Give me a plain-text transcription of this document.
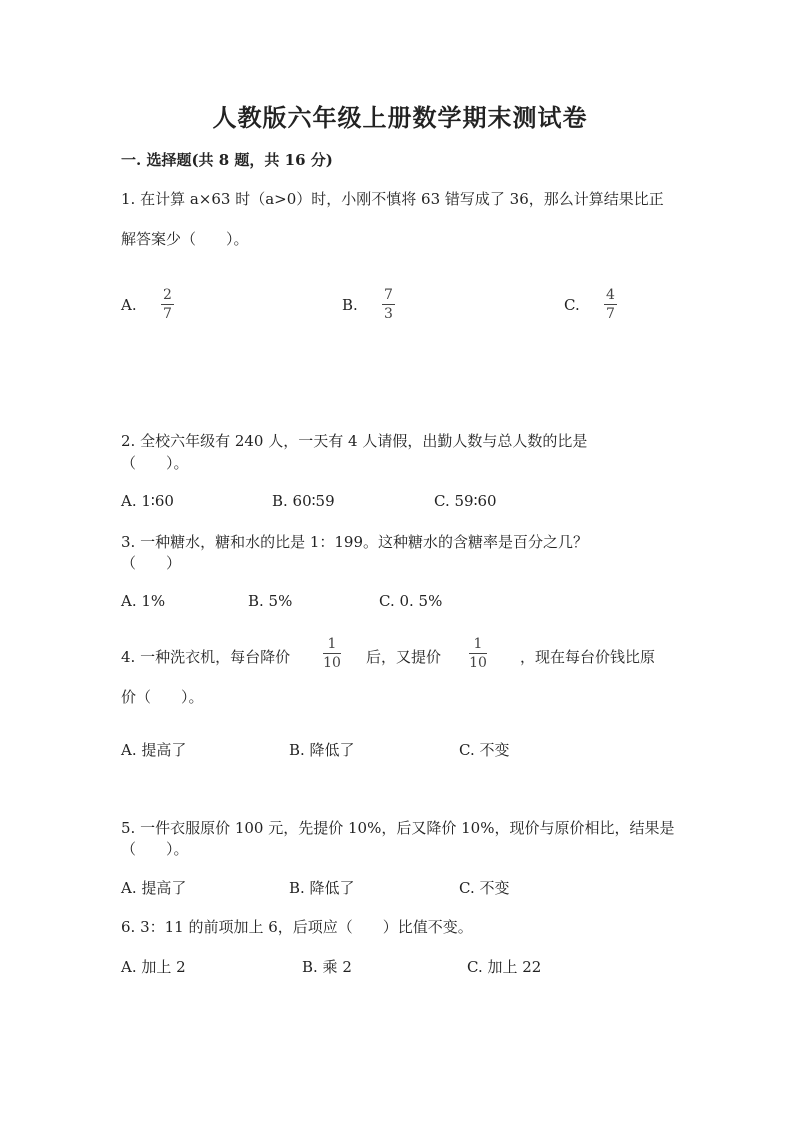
人教版六年级上册数学期末测试卷
一. 选择题(共 8 题，共 16 分)
1. 在计算 a×63 时（a>0）时，小刚不慎将 63 错写成了 36，那么计算结果比正
解答案少（　　）。
A.
2
7	B.
7
3	C.
4
7
2. 全校六年级有 240 人，一天有 4 人请假，出勤人数与总人数的比是
（　　）。
A. 1∶60	B. 60∶59	C. 59∶60
3. 一种糖水，糖和水的比是 1：199。这种糖水的含糖率是百分之几？
（　　）
A. 1%	B. 5%	C. 0. 5%
4. 一种洗衣机，每台降价
1
10 后，又提价
1
10 ，现在每台价钱比原
价（　　）。
A. 提高了	B. 降低了	C. 不变
5. 一件衣服原价 100 元，先提价 10%，后又降价 10%，现价与原价相比，结果是
（　　）。
A. 提高了	B. 降低了	C. 不变
6. 3：11 的前项加上 6，后项应（　　）比值不变。
A. 加上 2	B. 乘 2	C. 加上 22
